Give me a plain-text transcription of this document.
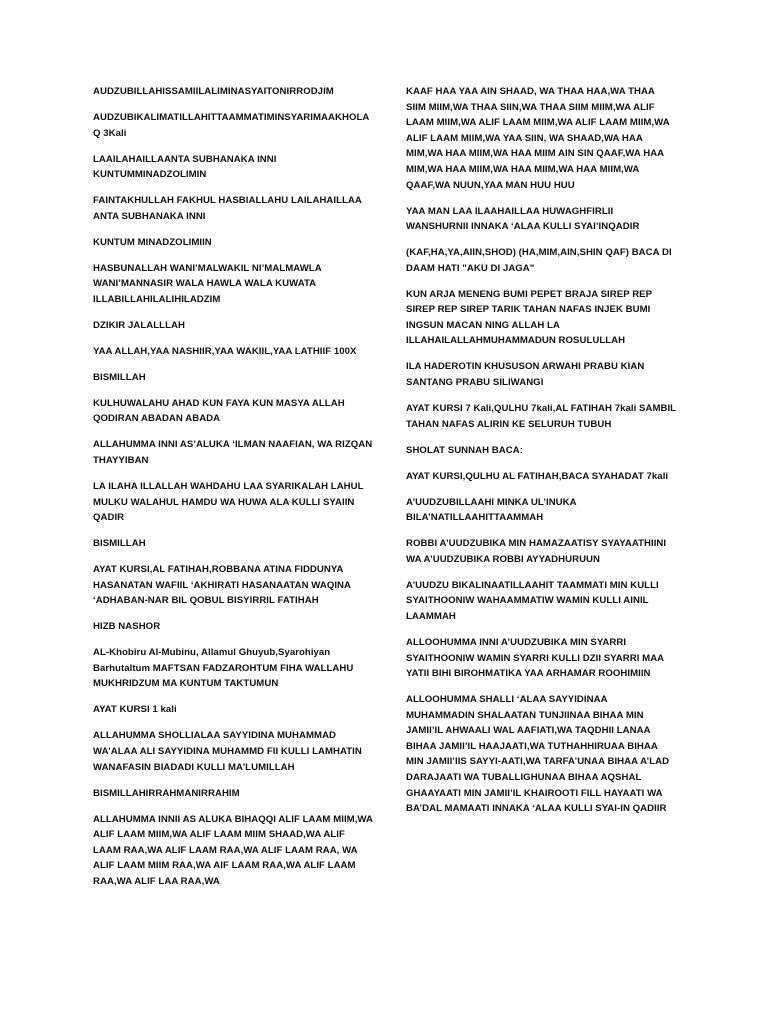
AUDZUBILLAHISSAMIILALIMINASYAITONIRRODJIM

AUDZUBIKALIMATILLAHITTAAMMATIMINSYARIMAAKHOLAQ 3Kali

LAAILAHAILLAANTA SUBHANAKA INNI KUNTUMMINADZOLIMIN

FAINTAKHULLAH FAKHUL HASBIALLAHU LAILAHAILLAA ANTA SUBHANAKA INNI

KUNTUM MINADZOLIMIIN

HASBUNALLAH WANI’MALWAKIL NI’MALMAWLA WANI’MANNASIR WALA HAWLA WALA KUWATA ILLABILLAHILALIHILADZIM

DZIKIR JALALLLAH

YAA ALLAH,YAA NASHIIR,YAA WAKIIL,YAA LATHIIF 100X

BISMILLAH

KULHUWALAHU AHAD KUN FAYA KUN MASYA ALLAH QODIRAN ABADAN ABADA

ALLAHUMMA INNI AS’ALUKA ‘ILMAN NAAFIAN, WA RIZQAN THAYYIBAN

LA ILAHA ILLALLAH WAHDAHU LAA SYARIKALAH LAHUL MULKU WALAHUL HAMDU WA HUWA ALA KULLI SYAIIN QADIR

BISMILLAH

AYAT KURSI,AL FATIHAH,ROBBANA ATINA FIDDUNYA HASANATAN WAFIIL ‘AKHIRATI HASANAATAN WAQINA ‘ADHABAN-NAR BIL QOBUL BISYIRRIL FATIHAH

HIZB NASHOR

AL-Khobiru Al-Mubinu, Allamul Ghuyub,Syarohiyan Barhutaltum MAFTSAN FADZAROHTUM FIHA WALLAHU MUKHRIDZUM MA KUNTUM TAKTUMUN

AYAT KURSI 1 kali

ALLAHUMMA SHOLLIALAA SAYYIDINA MUHAMMAD WA’ALAA ALI SAYYIDINA MUHAMMD FII KULLI LAMHATIN WANAFASIN BIADADI KULLI MA’LUMILLAH

BISMILLAHIRRAHMANIRRAHIM

ALLAHUMMA INNII AS ALUKA BIHAQQI ALIF LAAM MIIM,WA ALIF LAAM MIIM,WA ALIF LAAM MIIM SHAAD,WA ALIF LAAM RAA,WA ALIF LAAM RAA,WA ALIF LAAM RAA, WA ALIF LAAM MIIM RAA,WA AIF LAAM RAA,WA ALIF LAAM RAA,WA ALIF LAA RAA,WA

KAAF HAA YAA AIN SHAAD, WA THAA HAA,WA THAA SIIM MIIM,WA THAA SIIN,WA THAA SIIM MIIM,WA ALIF LAAM MIIM,WA ALIF LAAM MIIM,WA ALIF LAAM MIIM,WA ALIF LAAM MIIM,WA YAA SIIN, WA SHAAD,WA HAA MIM,WA HAA MIIM,WA HAA MIIM AIN SIN QAAF,WA HAA MIM,WA HAA MIIM,WA HAA MIIM,WA HAA MIIM,WA QAAF,WA NUUN,YAA MAN HUU HUU

YAA MAN LAA ILAAHAILLAA HUWAGHFIRLII WANSHURNII INNAKA ‘ALAA KULLI SYAI’INQADIR

(KAF,HA,YA,AIIN,SHOD) (HA,MIM,AIN,SHIN QAF) BACA DI DAAM HATI "AKU DI JAGA"

KUN ARJA MENENG BUMI PEPET BRAJA SIREP REP SIREP REP SIREP TARIK TAHAN NAFAS INJEK BUMI INGSUN MACAN NING ALLAH LA ILLAHAILALLAHMUHAMMADUN ROSULULLAH

ILA HADEROTIN KHUSUSON ARWAHI PRABU KIAN SANTANG PRABU SILIWANGI

AYAT KURSI 7 Kali,QULHU 7kali,AL FATIHAH 7kali SAMBIL TAHAN NAFAS ALIRIN KE SELURUH TUBUH

SHOLAT SUNNAH BACA:

AYAT KURSI,QULHU AL FATIHAH,BACA SYAHADAT 7kali

A’UUDZUBILLAAHI MINKA UL’INUKA BILA’NATILLAAHITTAAMMAH

ROBBI A’UUDZUBIKA MIN HAMAZAATISY SYAYAATHIINI WA A’UUDZUBIKA ROBBI AYYADHURUUN

A’UUDZU BIKALINAATILLAAHIT TAAMMATI MIN KULLI SYAITHOONIW WAHAAMMATIW WAMIN KULLI AINIL LAAMMAH

ALLOOHUMMA INNI A’UUDZUBIKA MIN SYARRI SYAITHOONIW WAMIN SYARRI KULLI DZII SYARRI MAA YATII BIHI BIROHMATIKA YAA ARHAMAR ROOHIMIIN

ALLOOHUMMA SHALLI ‘ALAA SAYYIDINAA MUHAMMADIN SHALAATAN TUNJIINAA BIHAA MIN JAMII’IL AHWAALI WAL AAFIATI,WA TAQDHII LANAA BIHAA JAMII’IL HAAJAATI,WA TUTHAHHIRUAA BIHAA MIN JAMII’IIS SAYYI-AATI,WA TARFA’UNAA BIHAA A’LAD DARAJAATI WA TUBALLIGHUNAA BIHAA AQSHAL GHAAYAATI MIN JAMII’IL KHAIROOTI FILL HAYAATI WA BA’DAL MAMAATI INNAKA ‘ALAA KULLI SYAI-IN QADIIR
